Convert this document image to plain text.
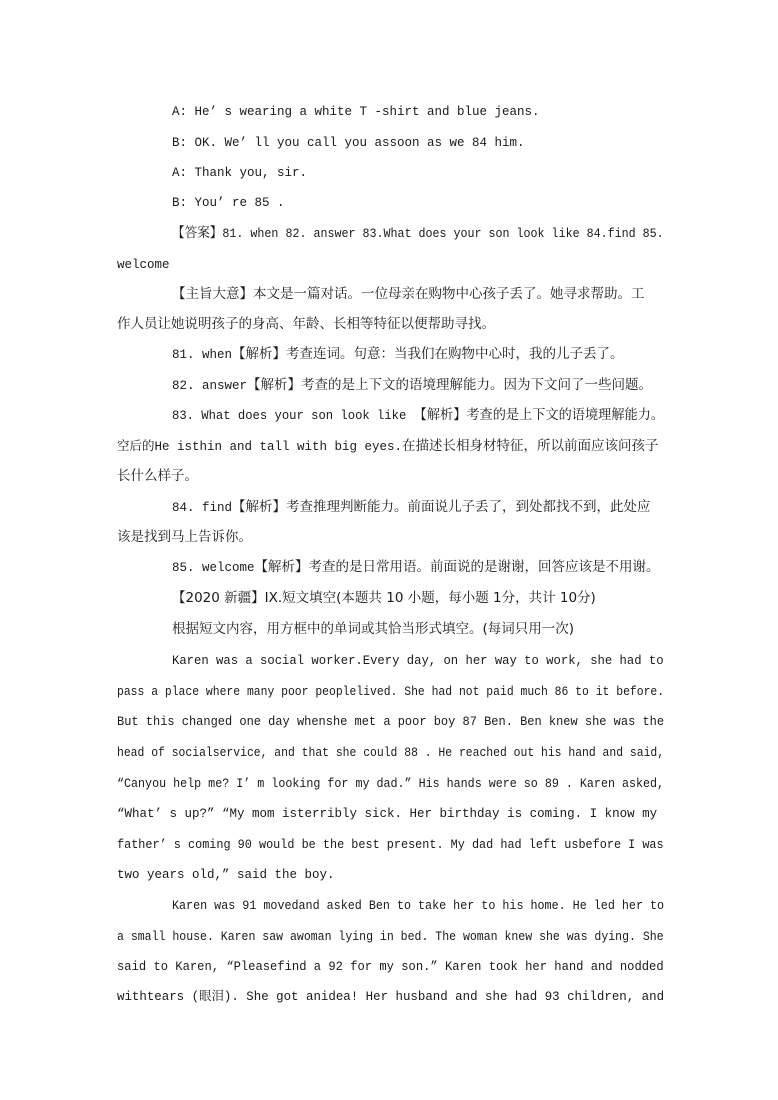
A: He’ s wearing a white T -shirt and blue jeans.
B: OK. We’ ll you call you assoon as we 84 him.
A: Thank you, sir.
B: You’ re 85 .
【答案】81. when 82. answer 83.What does your son look like 84.find 85.
welcome
【主旨大意】本文是一篇对话。一位母亲在购物中心孩子丢了。她寻求帮助。工
作人员让她说明孩子的身高、年龄、长相等特征以便帮助寻找。
81. when【解析】考查连词。句意：当我们在购物中心时，我的儿子丢了。
82. answer【解析】考查的是上下文的语境理解能力。因为下文问了一些问题。
83. What does your son look like 【解析】考查的是上下文的语境理解能力。
空后的He isthin and tall with big eyes.在描述长相身材特征，所以前面应该问孩子
长什么样子。
84. find【解析】考查推理判断能力。前面说儿子丢了，到处都找不到，此处应
该是找到马上告诉你。
85. welcome【解析】考查的是日常用语。前面说的是谢谢，回答应该是不用谢。
【2020 新疆】IX.短文填空(本题共 10 小题，每小题 1分，共计 10分)
根据短文内容，用方框中的单词或其恰当形式填空。(每词只用一次)
Karen was a social worker.Every day, on her way to work, she had to
pass a place where many poor peoplelived. She had not paid much 86 to it before.
But this changed one day whenshe met a poor boy 87 Ben. Ben knew she was the
head of socialservice, and that she could 88 . He reached out his hand and said,
“Canyou help me? I’ m looking for my dad.” His hands were so 89 . Karen asked,
“What’ s up?” “My mom isterribly sick. Her birthday is coming. I know my
father’ s coming 90 would be the best present. My dad had left usbefore I was
two years old,” said the boy.
Karen was 91 movedand asked Ben to take her to his home. He led her to
a small house. Karen saw awoman lying in bed. The woman knew she was dying. She
said to Karen, “Pleasefind a 92 for my son.” Karen took her hand and nodded
withtears (眼泪). She got anidea! Her husband and she had 93 children, and
